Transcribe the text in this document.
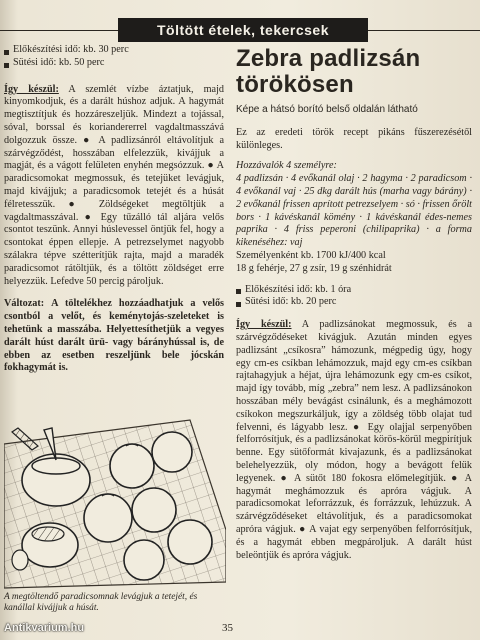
Töltött ételek, tekercsek
Előkészítési idő: kb. 30 perc
Sütési idő: kb. 50 perc

Így készül: A szemlét vízbe áztatjuk, majd kinyomkodjuk, és a darált húshoz adjuk. A hagymát megtisztítjuk és hozzáreszeljük. Mindezt a tojással, sóval, borssal és koriandererrel vagdaltmasszává dolgozzuk össze. ● A padlizsánról eltávolítjuk a szárvégződést, hosszában elfelezzük, kivájjuk a magját, és a vágott felületen enyhén megsózzuk. ● A paradicsomokat megmossuk, és tetejüket levágjuk, majd kivájjuk; a paradicsomok tetejét és a húsát félretesszük. ● Zöldségeket megtöltjük a vagdaltmasszával. ● Egy tűzálló tál aljára velős csontot teszünk. Annyi húslevessel öntjük fel, hogy a csontokat éppen ellepje. A petrezselymet nagyobb szálakra tépve szétterítjük rajta, majd a maradék paradicsomot rátöltjük, és a töltött zöldséget erre helyezzük. Lefedve 50 percig pároljuk.

Változat: A töltelékhez hozzáadhatjuk a velős csontból a velőt, és keménytojás-szeleteket is tehetünk a masszába. Helyettesíthetjük a vegyes darált húst darált ürü- vagy bárányhússal is, de ebben az esetben reszeljünk bele jócskán fokhagymát is.

A megtöltendő paradicsomnak levágjuk a tetejét, és kanállal kivájjuk a húsát.
Zebra padlizsán
törökösen
Képe a hátsó borító belső oldalán látható

Ez az eredeti török recept pikáns fűszerezésétől különleges.

Hozzávalók 4 személyre:
4 padlizsán · 4 evőkanál olaj · 2 hagyma · 2 paradicsom · 4 evőkanál vaj · 25 dkg darált hús (marha vagy bárány) · 2 evőkanál frissen aprított petrezselyem · só · frissen őrölt bors · 1 kávéskanál kömény · 1 kávéskanál édes-nemes paprika · 4 friss peperoni (chilipaprika) · a forma kikenéséhez: vaj

Személyenként kb. 1700 kJ/400 kcal
18 g fehérje, 27 g zsír, 19 g szénhidrát
Előkészítési idő: kb. 1 óra
Sütési idő: kb. 20 perc

Így készül: A padlizsánokat megmossuk, és a szárvégződéseket kivágjuk. Azután minden egyes padlizsánt „csíkosra” hámozunk, mégpedig úgy, hogy egy cm-es csíkban lehámozzuk, majd egy cm-es csíkban rajtahagyjuk a héjat, újra lehámozunk egy cm-es csíkot, majd így tovább, míg „zebra” nem lesz. A padlizsánokon hosszában mély bevágást csinálunk, és a meghámozott csíkokon megszurkáljuk, így a zöldség több olajat tud felvenni, és lágyabb lesz. ● Egy olajjal serpenyőben felforrósítjuk, és a padlizsánokat körös-körül megpirítjuk benne. Egy sütőformát kivajazunk, és a padlizsánokat belehelyezzük, oly módon, hogy a bevágott felük legyenek. ● A sütőt 180 fokosra előmelegítjük. ● A hagymát meghámozzuk és apróra vágjuk. A paradicsomokat leforrázzuk, és forrázzuk, lehúzzuk. A szárvégződéseket eltávolítjuk, és a paradicsomokat apróra vágjuk. ● A vajat egy serpenyőben felforrósítjuk, és a hagymát ebben megpároljuk. A darált húst beleöntjük és apróra vágjuk.

Antikvarium.hu	35
